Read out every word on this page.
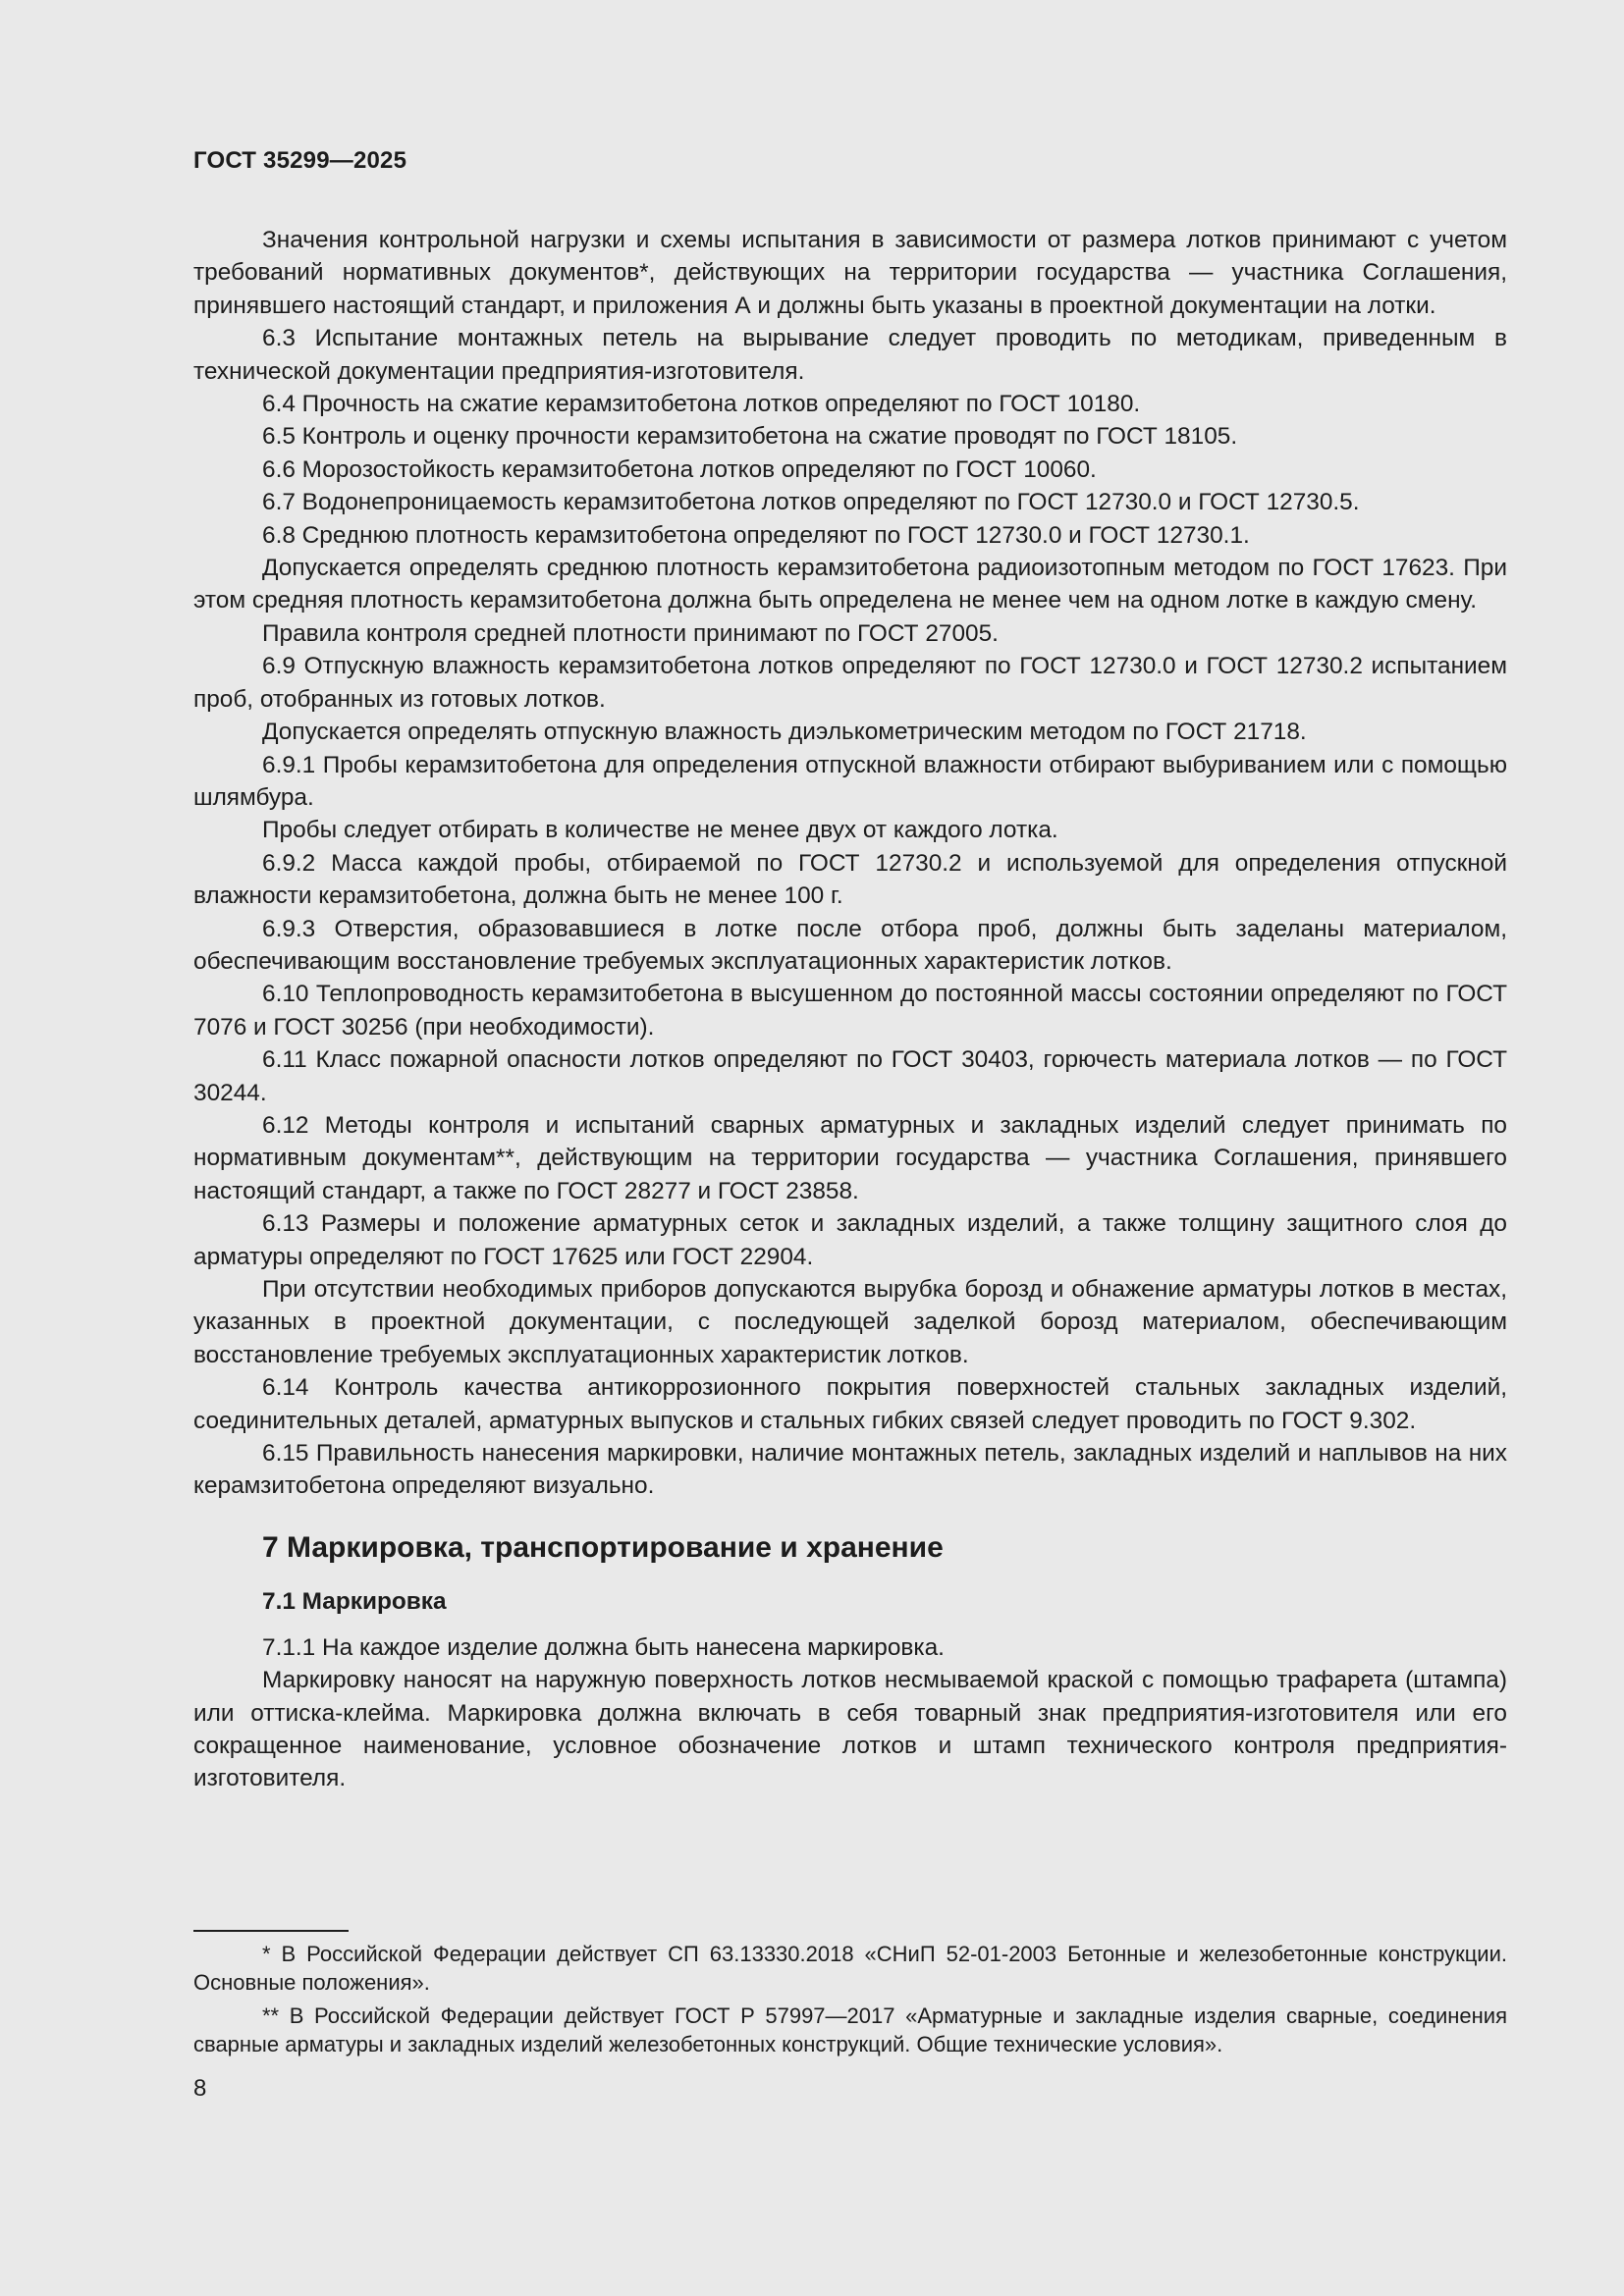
ГОСТ 35299—2025

Значения контрольной нагрузки и схемы испытания в зависимости от размера лотков принимают с учетом требований нормативных документов*, действующих на территории государства — участника Соглашения, принявшего настоящий стандарт, и приложения А и должны быть указаны в проектной документации на лотки.

6.3 Испытание монтажных петель на вырывание следует проводить по методикам, приведенным в технической документации предприятия-изготовителя.

6.4 Прочность на сжатие керамзитобетона лотков определяют по ГОСТ 10180.

6.5 Контроль и оценку прочности керамзитобетона на сжатие проводят по ГОСТ 18105.

6.6 Морозостойкость керамзитобетона лотков определяют по ГОСТ 10060.

6.7 Водонепроницаемость керамзитобетона лотков определяют по ГОСТ 12730.0 и ГОСТ 12730.5.

6.8 Среднюю плотность керамзитобетона определяют по ГОСТ 12730.0 и ГОСТ 12730.1.

Допускается определять среднюю плотность керамзитобетона радиоизотопным методом по ГОСТ 17623. При этом средняя плотность керамзитобетона должна быть определена не менее чем на одном лотке в каждую смену.

Правила контроля средней плотности принимают по ГОСТ 27005.

6.9 Отпускную влажность керамзитобетона лотков определяют по ГОСТ 12730.0 и ГОСТ 12730.2 испытанием проб, отобранных из готовых лотков.

Допускается определять отпускную влажность диэлькометрическим методом по ГОСТ 21718.

6.9.1 Пробы керамзитобетона для определения отпускной влажности отбирают выбуриванием или с помощью шлямбура.

Пробы следует отбирать в количестве не менее двух от каждого лотка.

6.9.2 Масса каждой пробы, отбираемой по ГОСТ 12730.2 и используемой для определения отпускной влажности керамзитобетона, должна быть не менее 100 г.

6.9.3 Отверстия, образовавшиеся в лотке после отбора проб, должны быть заделаны материалом, обеспечивающим восстановление требуемых эксплуатационных характеристик лотков.

6.10 Теплопроводность керамзитобетона в высушенном до постоянной массы состоянии определяют по ГОСТ 7076 и ГОСТ 30256 (при необходимости).

6.11 Класс пожарной опасности лотков определяют по ГОСТ 30403, горючесть материала лотков — по ГОСТ 30244.

6.12 Методы контроля и испытаний сварных арматурных и закладных изделий следует принимать по нормативным документам**, действующим на территории государства — участника Соглашения, принявшего настоящий стандарт, а также по ГОСТ 28277 и ГОСТ 23858.

6.13 Размеры и положение арматурных сеток и закладных изделий, а также толщину защитного слоя до арматуры определяют по ГОСТ 17625 или ГОСТ 22904.

При отсутствии необходимых приборов допускаются вырубка борозд и обнажение арматуры лотков в местах, указанных в проектной документации, с последующей заделкой борозд материалом, обеспечивающим восстановление требуемых эксплуатационных характеристик лотков.

6.14 Контроль качества антикоррозионного покрытия поверхностей стальных закладных изделий, соединительных деталей, арматурных выпусков и стальных гибких связей следует проводить по ГОСТ 9.302.

6.15 Правильность нанесения маркировки, наличие монтажных петель, закладных изделий и наплывов на них керамзитобетона определяют визуально.

7 Маркировка, транспортирование и хранение
7.1 Маркировка

7.1.1 На каждое изделие должна быть нанесена маркировка.

Маркировку наносят на наружную поверхность лотков несмываемой краской с помощью трафарета (штампа) или оттиска-клейма. Маркировка должна включать в себя товарный знак предприятия-изготовителя или его сокращенное наименование, условное обозначение лотков и штамп технического контроля предприятия-изготовителя.

* В Российской Федерации действует СП 63.13330.2018 «СНиП 52-01-2003 Бетонные и железобетонные конструкции. Основные положения».

** В Российской Федерации действует ГОСТ Р 57997—2017 «Арматурные и закладные изделия сварные, соединения сварные арматуры и закладных изделий железобетонных конструкций. Общие технические условия».

8
